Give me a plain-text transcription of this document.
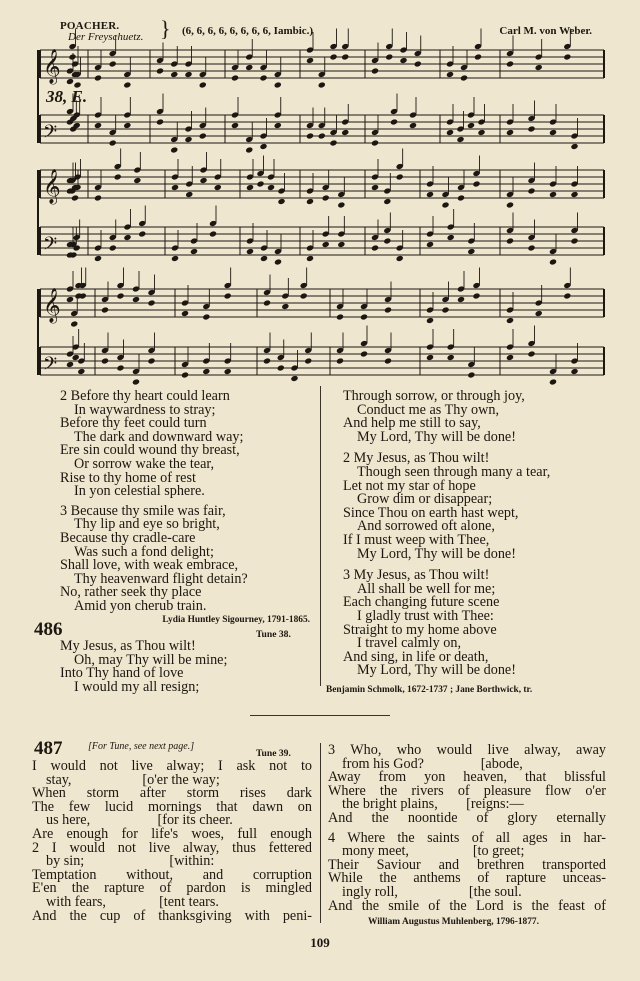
POACHER.
Der Freyschuetz. } (6, 6, 6, 6, 6, 6, 6, 6, Iambic.)	Carl M. von Weber.
𝄞
𝄢
𝄞
𝄢
𝄞
𝄢
38, E.
2 Before thy heart could learn
In waywardness to stray;
Before thy feet could turn
The dark and downward way;
Ere sin could wound thy breast,
Or sorrow wake the tear,
Rise to thy home of rest
In yon celestial sphere.
3 Because thy smile was fair,
Thy lip and eye so bright,
Because thy cradle-care
Was such a fond delight;
Shall love, with weak embrace,
Thy heavenward flight detain?
No, rather seek thy place
Amid yon cherub train.
Lydia Huntley Sigourney, 1791-1865.
486	Tune 38.
My Jesus, as Thou wilt!
Oh, may Thy will be mine;
Into Thy hand of love
I would my all resign;
Through sorrow, or through joy,
Conduct me as Thy own,
And help me still to say,
My Lord, Thy will be done!
2 My Jesus, as Thou wilt!
Though seen through many a tear,
Let not my star of hope
Grow dim or disappear;
Since Thou on earth hast wept,
And sorrowed oft alone,
If I must weep with Thee,
My Lord, Thy will be done!
3 My Jesus, as Thou wilt!
All shall be well for me;
Each changing future scene
I gladly trust with Thee:
Straight to my home above
I travel calmly on,
And sing, in life or death,
My Lord, Thy will be done!
Benjamin Schmolk, 1672-1737 ; Jane Borthwick, tr.
487	[For Tune, see next page.]
Tune 39.
I would not live alway; I ask not to
stay,                    [o'er the way;
When storm after storm rises dark
The few lucid mornings that dawn on
us here,                   [for its cheer.
Are enough for life's woes, full enough
2 I would not live alway, thus fettered
by sin;                        [within:
Temptation without, and corruption
E'en the rapture of pardon is mingled
with fears,               [tent tears.
And the cup of thanksgiving with peni-
3 Who, who would live alway, away
from his God?                [abode,
Away from yon heaven, that blissful
Where the rivers of pleasure flow o'er
the bright plains,        [reigns:—
And the noontide of glory eternally
4 Where the saints of all ages in har-
mony meet,                  [to greet;
Their Saviour and brethren transported
While the anthems of rapture unceas-
ingly roll,                    [the soul.
And the smile of the Lord is the feast of
William Augustus Muhlenberg, 1796-1877.
109
